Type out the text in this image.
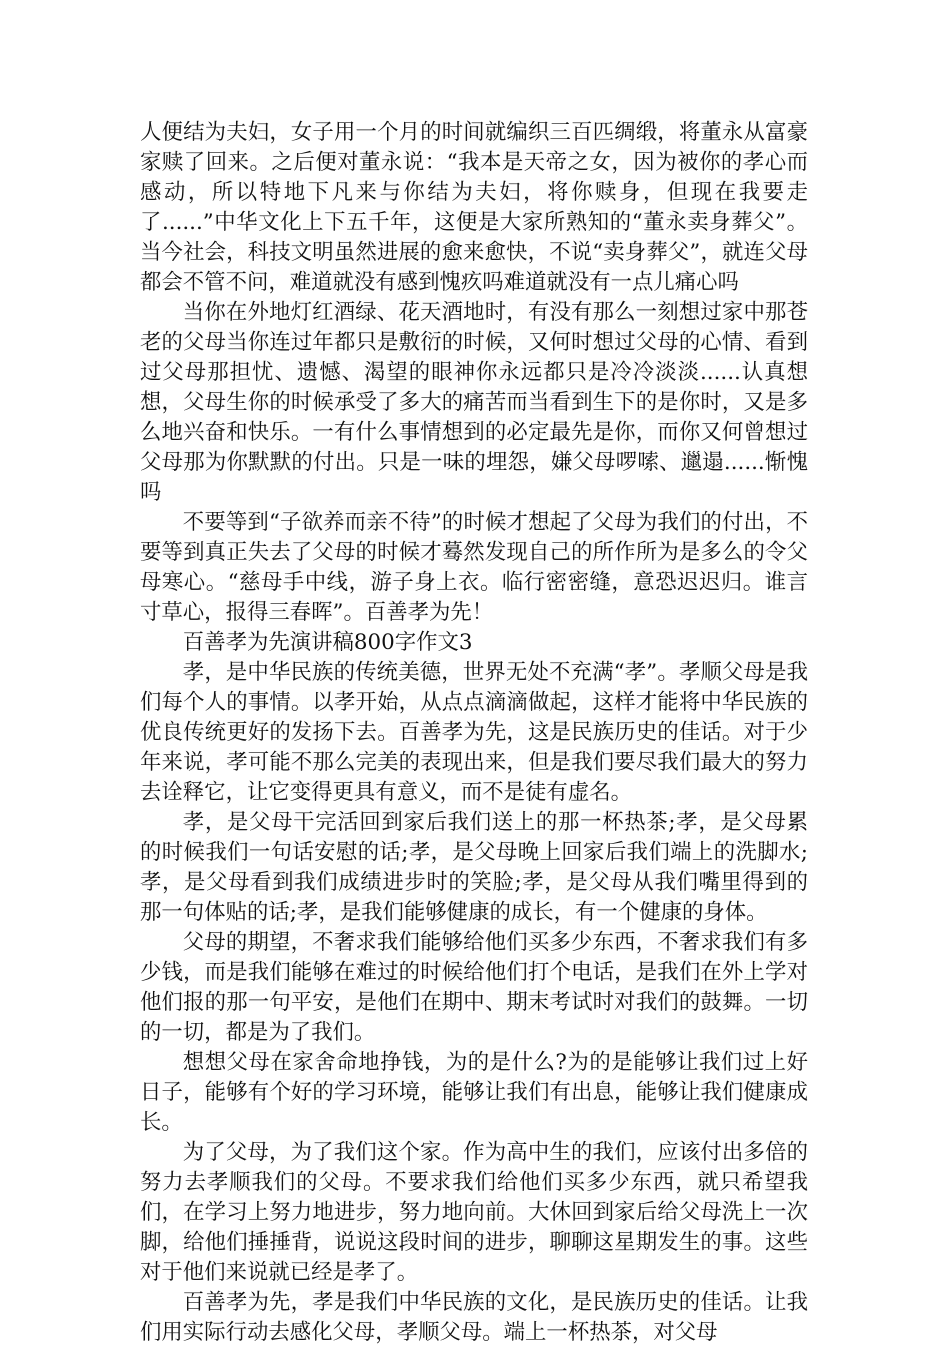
人便结为夫妇，女子用一个月的时间就编织三百匹绸缎，将董永从富豪家赎了回来。之后便对董永说：“我本是天帝之女，因为被你的孝心而感动，所以特地下凡来与你结为夫妇，将你赎身，但现在我要走了......”中华文化上下五千年，这便是大家所熟知的“董永卖身葬父”。当今社会，科技文明虽然进展的愈来愈快，不说“卖身葬父”，就连父母都会不管不问，难道就没有感到愧疚吗难道就没有一点儿痛心吗

当你在外地灯红酒绿、花天酒地时，有没有那么一刻想过家中那苍老的父母当你连过年都只是敷衍的时候，又何时想过父母的心情、看到过父母那担忧、遗憾、渴望的眼神你永远都只是冷冷淡淡......认真想想，父母生你的时候承受了多大的痛苦而当看到生下的是你时，又是多么地兴奋和快乐。一有什么事情想到的必定最先是你，而你又何曾想过父母那为你默默的付出。只是一味的埋怨，嫌父母啰嗦、邋遢......惭愧吗

不要等到“子欲养而亲不待”的时候才想起了父母为我们的付出，不要等到真正失去了父母的时候才蓦然发现自己的所作所为是多么的令父母寒心。“慈母手中线，游子身上衣。临行密密缝，意恐迟迟归。谁言寸草心，报得三春晖”。百善孝为先！

百善孝为先演讲稿800字作文3

孝，是中华民族的传统美德，世界无处不充满“孝”。孝顺父母是我们每个人的事情。以孝开始，从点点滴滴做起，这样才能将中华民族的优良传统更好的发扬下去。百善孝为先，这是民族历史的佳话。对于少年来说，孝可能不那么完美的表现出来，但是我们要尽我们最大的努力去诠释它，让它变得更具有意义，而不是徒有虚名。

孝，是父母干完活回到家后我们送上的那一杯热茶;孝，是父母累的时候我们一句话安慰的话;孝，是父母晚上回家后我们端上的洗脚水;孝，是父母看到我们成绩进步时的笑脸;孝，是父母从我们嘴里得到的那一句体贴的话;孝，是我们能够健康的成长，有一个健康的身体。

父母的期望，不奢求我们能够给他们买多少东西，不奢求我们有多少钱，而是我们能够在难过的时候给他们打个电话，是我们在外上学对他们报的那一句平安，是他们在期中、期末考试时对我们的鼓舞。一切的一切，都是为了我们。

想想父母在家舍命地挣钱，为的是什么?为的是能够让我们过上好日子，能够有个好的学习环境，能够让我们有出息，能够让我们健康成长。

为了父母，为了我们这个家。作为高中生的我们，应该付出多倍的努力去孝顺我们的父母。不要求我们给他们买多少东西，就只希望我们，在学习上努力地进步，努力地向前。大休回到家后给父母洗上一次脚，给他们捶捶背，说说这段时间的进步，聊聊这星期发生的事。这些对于他们来说就已经是孝了。

百善孝为先，孝是我们中华民族的文化，是民族历史的佳话。让我们用实际行动去感化父母，孝顺父母。端上一杯热茶，对父母
